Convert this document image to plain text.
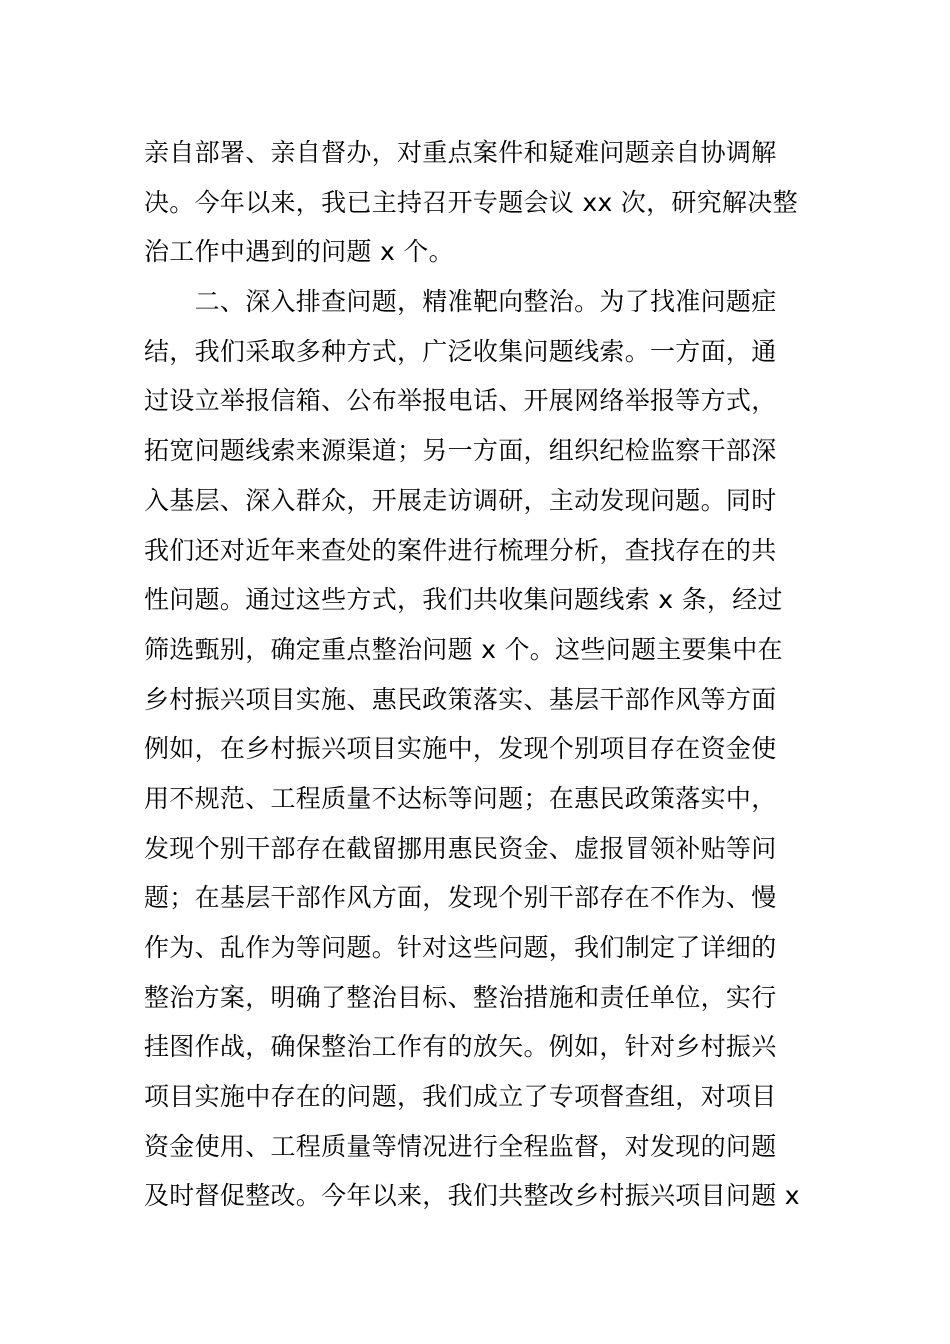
亲自部署、亲自督办，对重点案件和疑难问题亲自协调解
决。今年以来，我已主持召开专题会议 xx 次，研究解决整
治工作中遇到的问题 x 个。
　　二、深入排查问题，精准靶向整治。为了找准问题症
结，我们采取多种方式，广泛收集问题线索。一方面，通
过设立举报信箱、公布举报电话、开展网络举报等方式，
拓宽问题线索来源渠道；另一方面，组织纪检监察干部深
入基层、深入群众，开展走访调研，主动发现问题。同时
我们还对近年来查处的案件进行梳理分析，查找存在的共
性问题。通过这些方式，我们共收集问题线索 x 条，经过
筛选甄别，确定重点整治问题 x 个。这些问题主要集中在
乡村振兴项目实施、惠民政策落实、基层干部作风等方面
例如，在乡村振兴项目实施中，发现个别项目存在资金使
用不规范、工程质量不达标等问题；在惠民政策落实中，
发现个别干部存在截留挪用惠民资金、虚报冒领补贴等问
题；在基层干部作风方面，发现个别干部存在不作为、慢
作为、乱作为等问题。针对这些问题，我们制定了详细的
整治方案，明确了整治目标、整治措施和责任单位，实行
挂图作战，确保整治工作有的放矢。例如，针对乡村振兴
项目实施中存在的问题，我们成立了专项督查组，对项目
资金使用、工程质量等情况进行全程监督，对发现的问题
及时督促整改。今年以来，我们共整改乡村振兴项目问题 x
